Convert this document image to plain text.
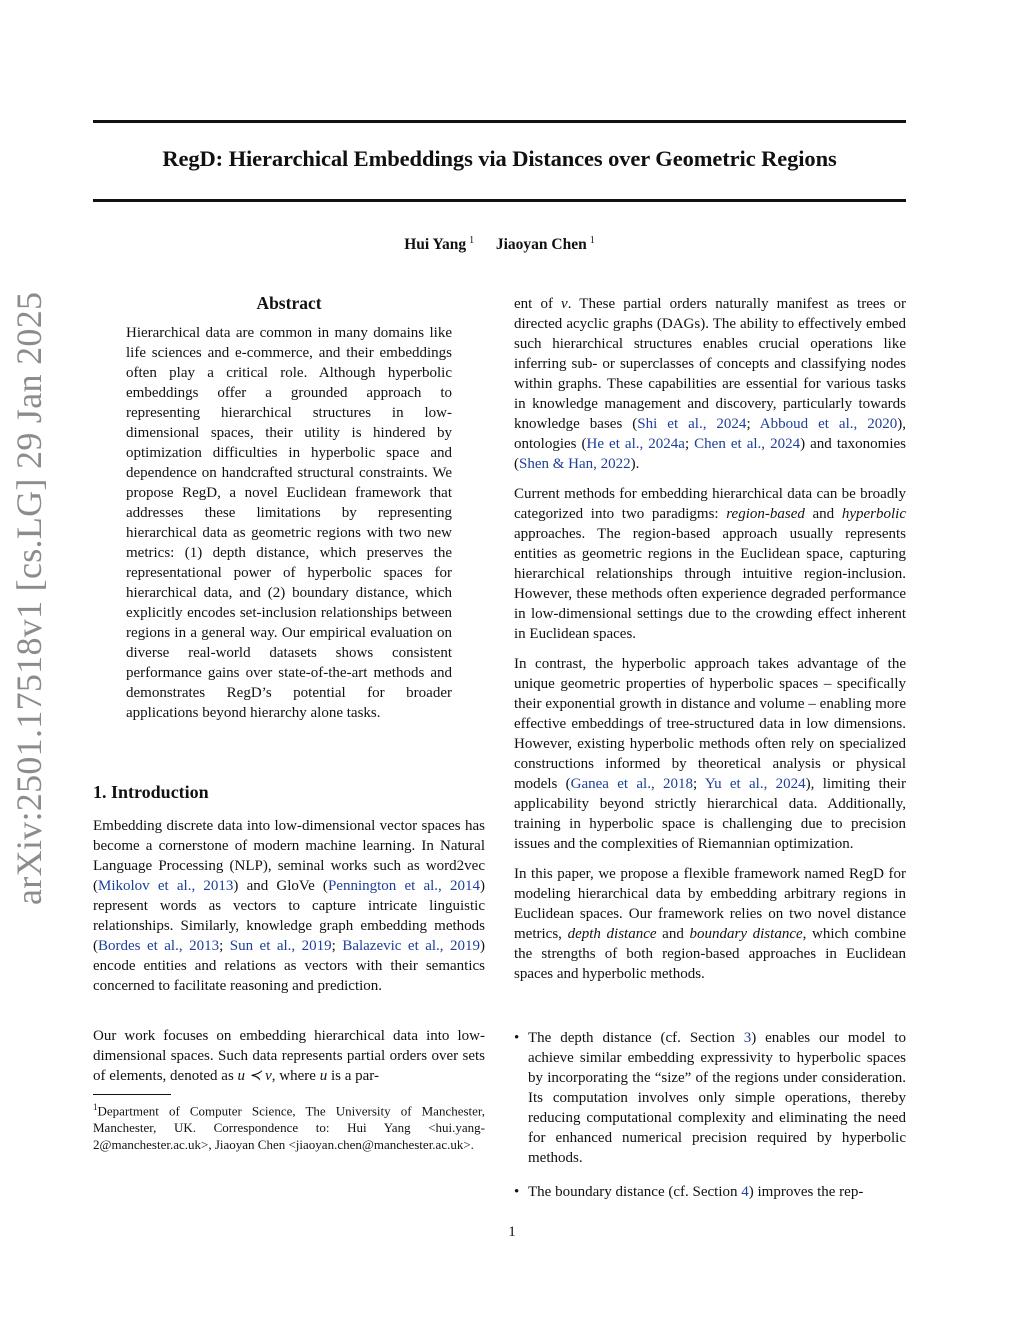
RegD: Hierarchical Embeddings via Distances over Geometric Regions
Hui Yang $^1$ Jiaoyan Chen $^1$
arXiv:2501.17518v1 [cs.LG] 29 Jan 2025	Abstract

Hierarchical data are common in many domains like life sciences and e-commerce, and their embeddings often play a critical role. Although hyperbolic embeddings offer a grounded approach to representing hierarchical structures in low-dimensional spaces, their utility is hindered by optimization difficulties in hyperbolic space and dependence on handcrafted structural constraints. We propose RegD, a novel Euclidean framework that addresses these limitations by representing hierarchical data as geometric regions with two new metrics: (1) depth distance, which preserves the representational power of hyperbolic spaces for hierarchical data, and (2) boundary distance, which explicitly encodes set-inclusion relationships between regions in a general way. Our empirical evaluation on diverse real-world datasets shows consistent performance gains over state-of-the-art methods and demonstrates RegD’s potential for broader applications beyond hierarchy alone tasks.

1. Introduction

Embedding discrete data into low-dimensional vector spaces has become a cornerstone of modern machine learning. In Natural Language Processing (NLP), seminal works such as word2vec (Mikolov et al., 2013) and GloVe (Pennington et al., 2014) represent words as vectors to capture intricate linguistic relationships. Similarly, knowledge graph embedding methods (Bordes et al., 2013; Sun et al., 2019; Balazevic et al., 2019) encode entities and relations as vectors with their semantics concerned to facilitate reasoning and prediction.

Our work focuses on embedding hierarchical data into low-dimensional spaces. Such data represents partial orders over sets of elements, denoted as u ≺ v, where u is a par-

$^1$Department of Computer Science, The University of Manchester, Manchester, UK. Correspondence to: Hui Yang <hui.yang-2@manchester.ac.uk>, Jiaoyan Chen <jiaoyan.chen@manchester.ac.uk>.

ent of v. These partial orders naturally manifest as trees or directed acyclic graphs (DAGs). The ability to effectively embed such hierarchical structures enables crucial operations like inferring sub- or superclasses of concepts and classifying nodes within graphs. These capabilities are essential for various tasks in knowledge management and discovery, particularly towards knowledge bases (Shi et al., 2024; Abboud et al., 2020), ontologies (He et al., 2024a; Chen et al., 2024) and taxonomies (Shen & Han, 2022).

Current methods for embedding hierarchical data can be broadly categorized into two paradigms: region-based and hyperbolic approaches. The region-based approach usually represents entities as geometric regions in the Euclidean space, capturing hierarchical relationships through intuitive region-inclusion. However, these methods often experience degraded performance in low-dimensional settings due to the crowding effect inherent in Euclidean spaces.

In contrast, the hyperbolic approach takes advantage of the unique geometric properties of hyperbolic spaces – specifically their exponential growth in distance and volume – enabling more effective embeddings of tree-structured data in low dimensions. However, existing hyperbolic methods often rely on specialized constructions informed by theoretical analysis or physical models (Ganea et al., 2018; Yu et al., 2024), limiting their applicability beyond strictly hierarchical data. Additionally, training in hyperbolic space is challenging due to precision issues and the complexities of Riemannian optimization.

In this paper, we propose a flexible framework named RegD for modeling hierarchical data by embedding arbitrary regions in Euclidean spaces. Our framework relies on two novel distance metrics, depth distance and boundary distance, which combine the strengths of both region-based approaches in Euclidean spaces and hyperbolic methods.

• The depth distance (cf. Section 3) enables our model to achieve similar embedding expressivity to hyperbolic spaces by incorporating the “size” of the regions under consideration. Its computation involves only simple operations, thereby reducing computational complexity and eliminating the need for enhanced numerical precision required by hyperbolic methods.
• The boundary distance (cf. Section 4) improves the rep-
1
